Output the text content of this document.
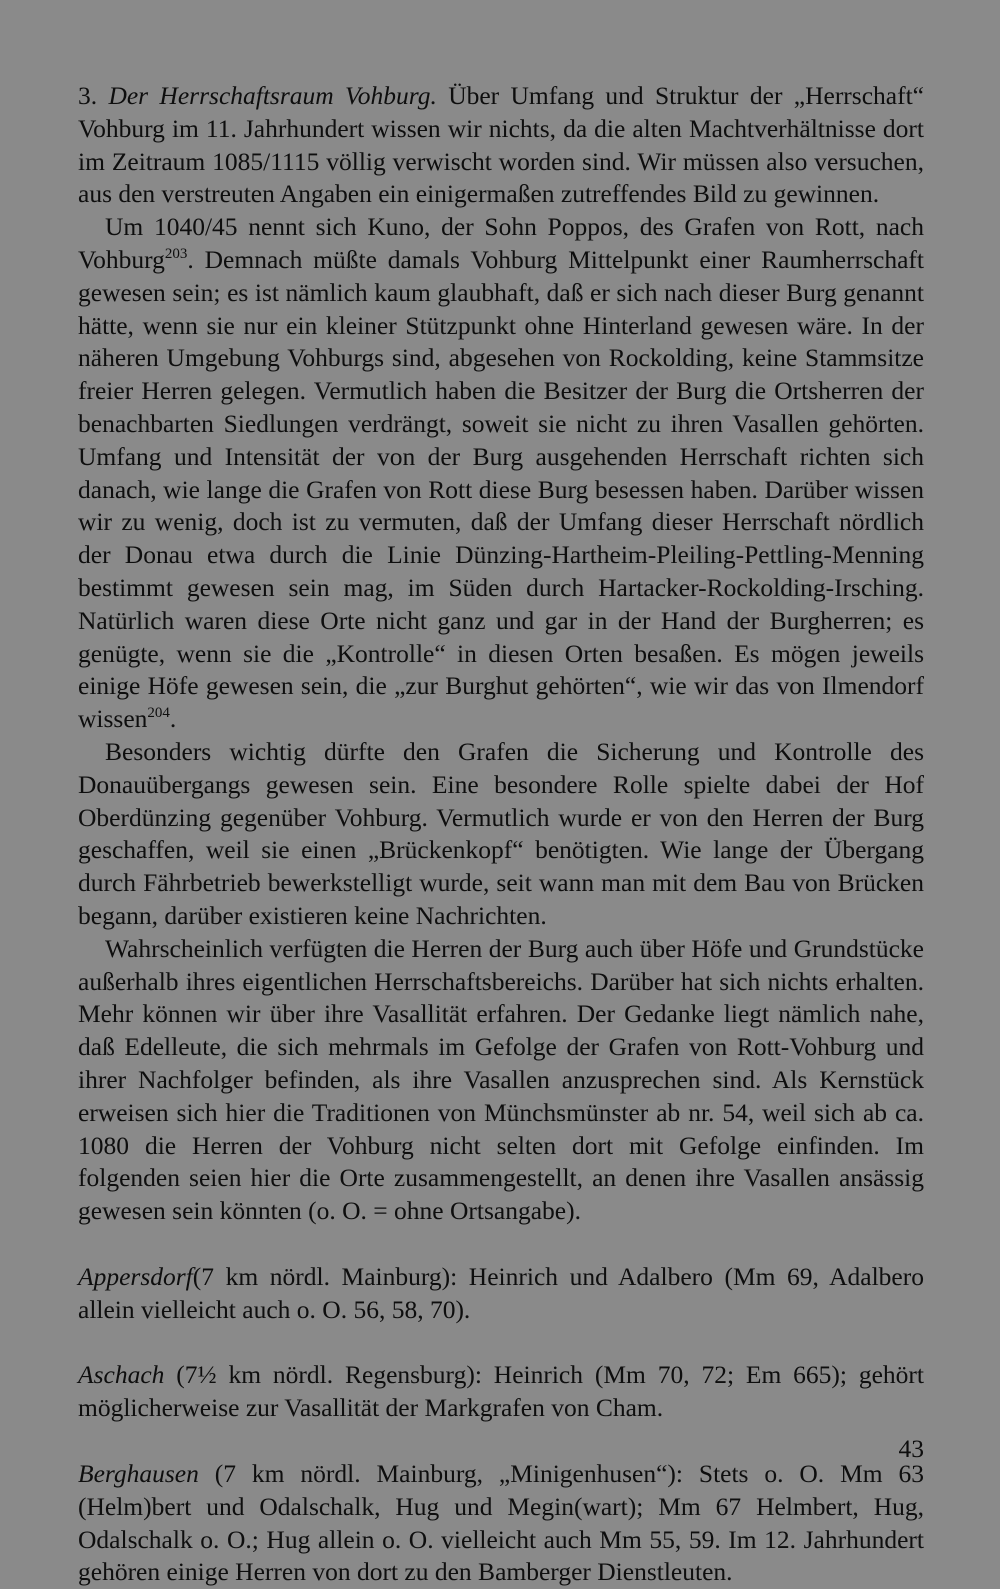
3. Der Herrschaftsraum Vohburg. Über Umfang und Struktur der „Herrschaft“ Vohburg im 11. Jahrhundert wissen wir nichts, da die alten Machtverhältnisse dort im Zeitraum 1085/1115 völlig verwischt worden sind. Wir müssen also versuchen, aus den verstreuten Angaben ein einigermaßen zutreffendes Bild zu gewinnen.

Um 1040/45 nennt sich Kuno, der Sohn Poppos, des Grafen von Rott, nach Vohburg$^{203}$. Demnach müßte damals Vohburg Mittelpunkt einer Raumherrschaft gewesen sein; es ist nämlich kaum glaubhaft, daß er sich nach dieser Burg genannt hätte, wenn sie nur ein kleiner Stützpunkt ohne Hinterland gewesen wäre. In der näheren Umgebung Vohburgs sind, abgesehen von Rockolding, keine Stammsitze freier Herren gelegen. Vermutlich haben die Besitzer der Burg die Ortsherren der benachbarten Siedlungen verdrängt, soweit sie nicht zu ihren Vasallen gehörten. Umfang und Intensität der von der Burg ausgehenden Herrschaft richten sich danach, wie lange die Grafen von Rott diese Burg besessen haben. Darüber wissen wir zu wenig, doch ist zu vermuten, daß der Umfang dieser Herrschaft nördlich der Donau etwa durch die Linie Dünzing-Hartheim-Pleiling-Pettling-Menning bestimmt gewesen sein mag, im Süden durch Hartacker-Rockolding-Irsching. Natürlich waren diese Orte nicht ganz und gar in der Hand der Burgherren; es genügte, wenn sie die „Kontrolle“ in diesen Orten besaßen. Es mögen jeweils einige Höfe gewesen sein, die „zur Burghut gehörten“, wie wir das von Ilmendorf wissen$^{204}$.

Besonders wichtig dürfte den Grafen die Sicherung und Kontrolle des Donauübergangs gewesen sein. Eine besondere Rolle spielte dabei der Hof Oberdünzing gegenüber Vohburg. Vermutlich wurde er von den Herren der Burg geschaffen, weil sie einen „Brückenkopf“ benötigten. Wie lange der Übergang durch Fährbetrieb bewerkstelligt wurde, seit wann man mit dem Bau von Brücken begann, darüber existieren keine Nachrichten.

Wahrscheinlich verfügten die Herren der Burg auch über Höfe und Grundstücke außerhalb ihres eigentlichen Herrschaftsbereichs. Darüber hat sich nichts erhalten. Mehr können wir über ihre Vasallität erfahren. Der Gedanke liegt nämlich nahe, daß Edelleute, die sich mehrmals im Gefolge der Grafen von Rott-Vohburg und ihrer Nachfolger befinden, als ihre Vasallen anzusprechen sind. Als Kernstück erweisen sich hier die Traditionen von Münchsmünster ab nr. 54, weil sich ab ca. 1080 die Herren der Vohburg nicht selten dort mit Gefolge einfinden. Im folgenden seien hier die Orte zusammengestellt, an denen ihre Vasallen ansässig gewesen sein könnten (o. O. = ohne Ortsangabe).

Appersdorf(7 km nördl. Mainburg): Heinrich und Adalbero (Mm 69, Adalbero allein vielleicht auch o. O. 56, 58, 70).

Aschach (7½ km nördl. Regensburg): Heinrich (Mm 70, 72; Em 665); gehört möglicherweise zur Vasallität der Markgrafen von Cham.

Berghausen (7 km nördl. Mainburg, „Minigenhusen“): Stets o. O. Mm 63 (Helm)bert und Odalschalk, Hug und Megin(wart); Mm 67 Helmbert, Hug, Odalschalk o. O.; Hug allein o. O. vielleicht auch Mm 55, 59. Im 12. Jahrhundert gehören einige Herren von dort zu den Bamberger Dienstleuten.

43
